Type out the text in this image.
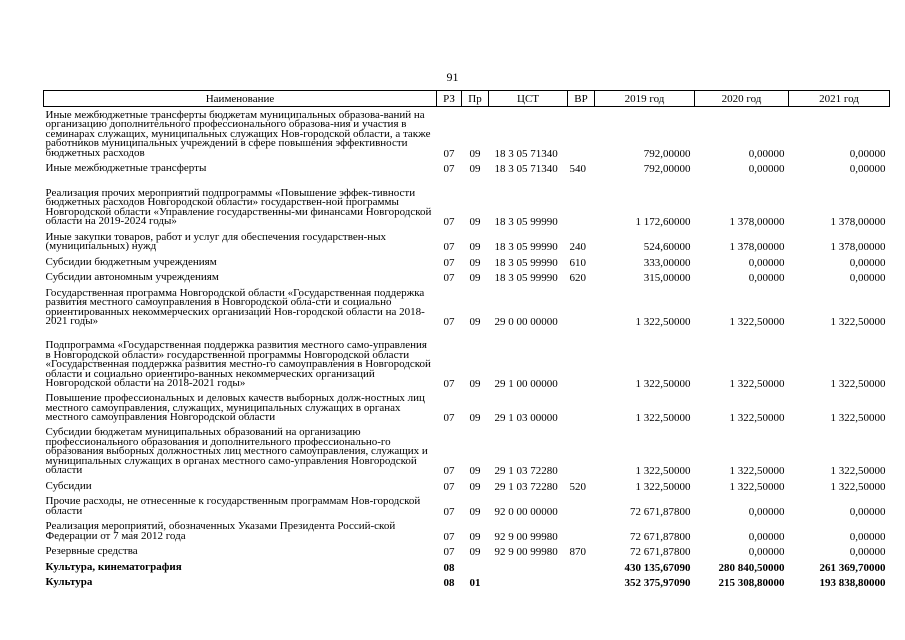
91
Наименование	РЗ	Пр	ЦСТ	ВР	2019 год	2020 год	2021 год
Иные межбюджетные трансферты бюджетам муниципальных образова-ваний на организацию дополнительного профессионального образова-ния и участия в семинарах служащих, муниципальных служащих Нов-городской области, а также работников муниципальных учреждений в сфере повышения эффективности бюджетных расходов	07	09	18 3 05 71340		792,00000	0,00000	0,00000
Иные межбюджетные трансферты	07	09	18 3 05 71340	540	792,00000	0,00000	0,00000
Реализация прочих мероприятий подпрограммы «Повышение эффек-тивности бюджетных расходов Новгородской области» государствен-ной программы Новгородской области «Управление государственны-ми финансами Новгородской области на 2019-2024 годы»	07	09	18 3 05 99990		1 172,60000	1 378,00000	1 378,00000
Иные закупки товаров, работ и услуг для обеспечения государствен-ных (муниципальных) нужд	07	09	18 3 05 99990	240	524,60000	1 378,00000	1 378,00000
Субсидии бюджетным учреждениям	07	09	18 3 05 99990	610	333,00000	0,00000	0,00000
Субсидии автономным учреждениям	07	09	18 3 05 99990	620	315,00000	0,00000	0,00000
Государственная программа Новгородской области «Государственная поддержка развития местного самоуправления в Новгородской обла-сти и социально ориентированных некоммерческих организаций Нов-городской области на 2018-2021 годы»	07	09	29 0 00 00000		1 322,50000	1 322,50000	1 322,50000
Подпрограмма «Государственная поддержка развития местного само-управления в Новгородской области» государственной программы Новгородской области «Государственная поддержка развития местно-го самоуправления в Новгородской области и социально ориентиро-ванных некоммерческих организаций Новгородской области на 2018-2021 годы»	07	09	29 1 00 00000		1 322,50000	1 322,50000	1 322,50000
Повышение профессиональных и деловых качеств выборных долж-ностных лиц местного самоуправления, служащих, муниципальных служащих в органах местного самоуправления Новгородской области	07	09	29 1 03 00000		1 322,50000	1 322,50000	1 322,50000
Субсидии бюджетам муниципальных образований на организацию профессионального образования и дополнительного профессионально-го образования выборных должностных лиц местного самоуправления, служащих и муниципальных служащих в органах местного само-управления Новгородской области	07	09	29 1 03 72280		1 322,50000	1 322,50000	1 322,50000
Субсидии	07	09	29 1 03 72280	520	1 322,50000	1 322,50000	1 322,50000
Прочие расходы, не отнесенные к государственным программам Нов-городской области	07	09	92 0 00 00000		72 671,87800	0,00000	0,00000
Реализация мероприятий, обозначенных Указами Президента Россий-ской Федерации от 7 мая 2012 года	07	09	92 9 00 99980		72 671,87800	0,00000	0,00000
Резервные средства	07	09	92 9 00 99980	870	72 671,87800	0,00000	0,00000
Культура, кинематография	08				430 135,67090	280 840,50000	261 369,70000
Культура	08	01			352 375,97090	215 308,80000	193 838,80000
